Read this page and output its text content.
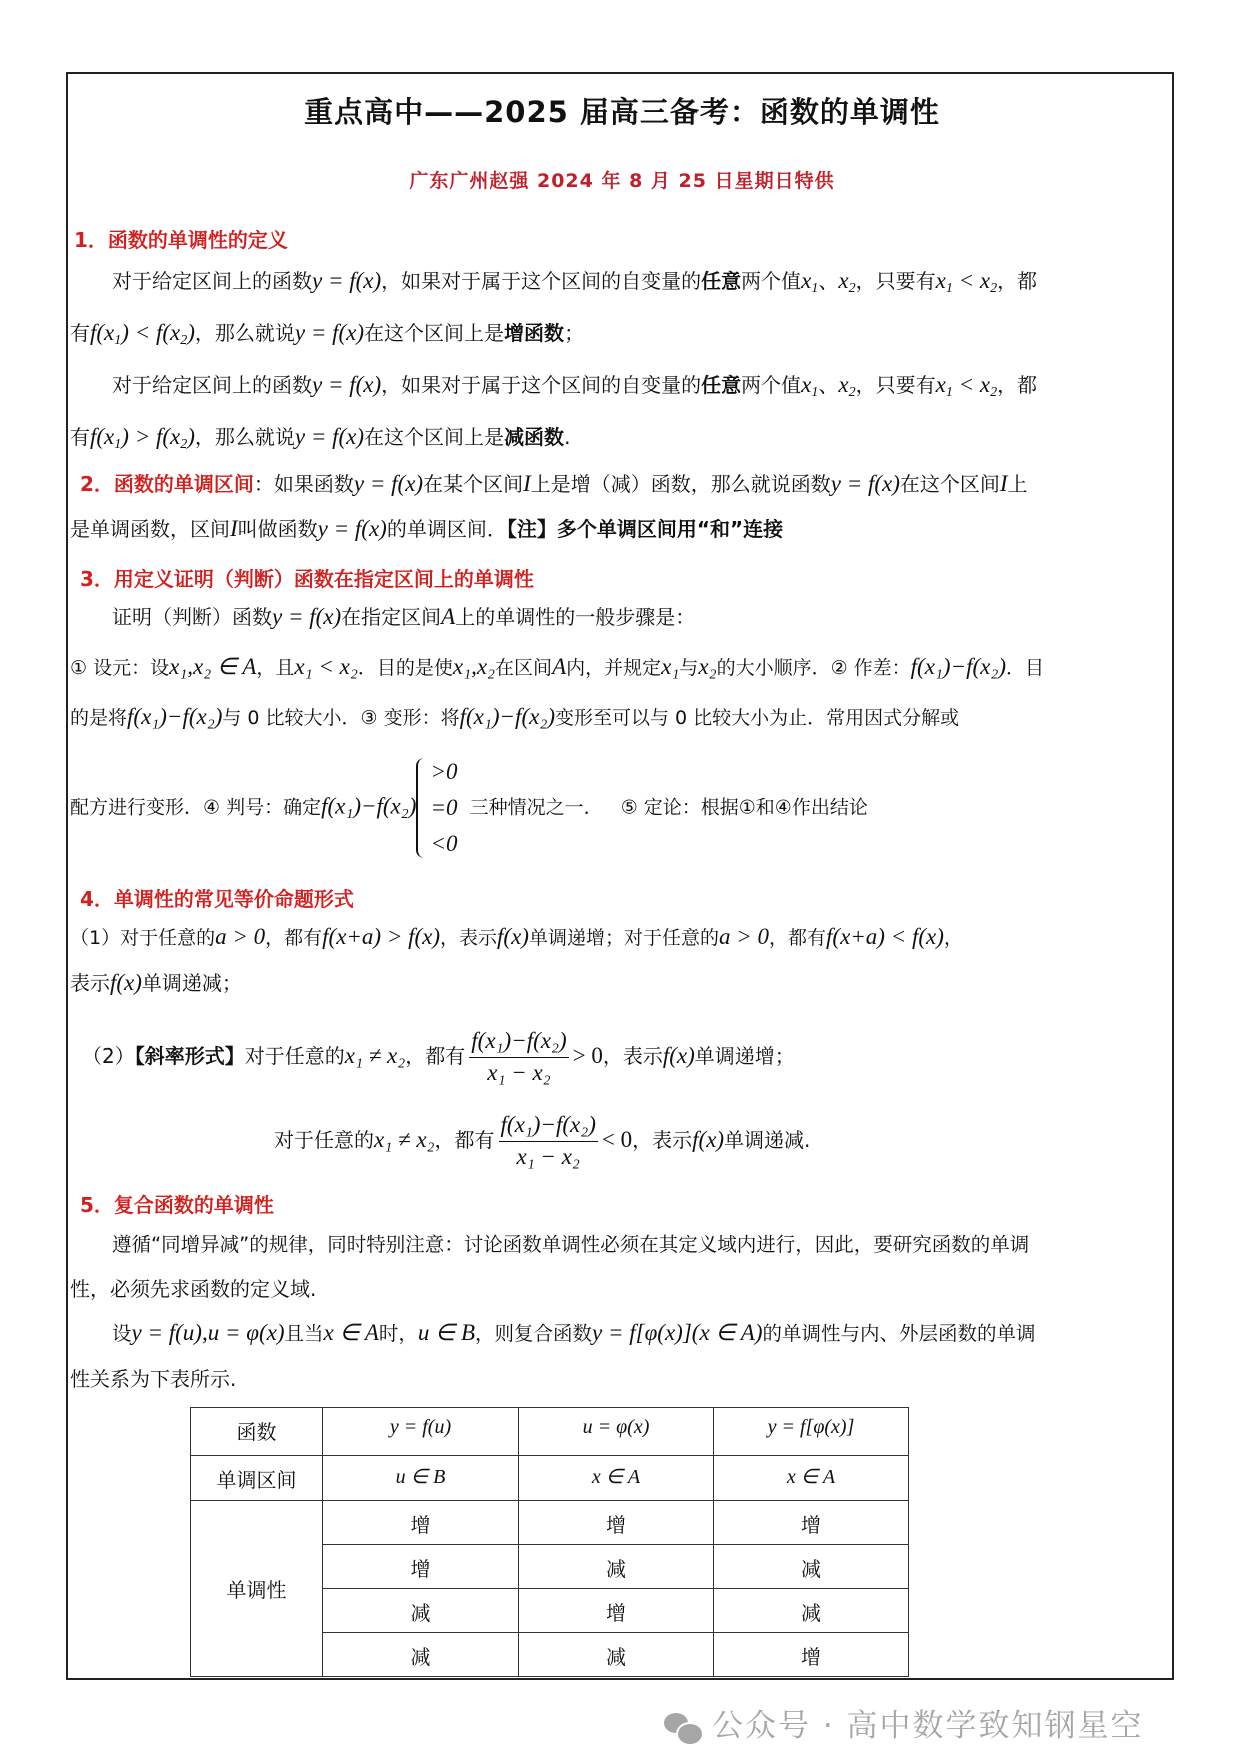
重点高中——2025 届高三备考：函数的单调性
广东广州赵强 2024 年 8 月 25 日星期日特供
1．函数的单调性的定义
对于给定区间上的函数y = f(x)，如果对于属于这个区间的自变量的任意两个值$x_1$、$x_2$，只要有$x_1 < x_2$，都
有$f(x_1) < f(x_2)$，那么就说y = f(x)在这个区间上是增函数；
对于给定区间上的函数y = f(x)，如果对于属于这个区间的自变量的任意两个值$x_1$、$x_2$，只要有$x_1 < x_2$，都
有$f(x_1) > f(x_2)$，那么就说y = f(x)在这个区间上是减函数.
2．函数的单调区间：如果函数y = f(x)在某个区间I上是增（减）函数，那么就说函数y = f(x)在这个区间I上
是单调函数，区间I叫做函数y = f(x)的单调区间．【注】多个单调区间用“和”连接
3．用定义证明（判断）函数在指定区间上的单调性
证明（判断）函数y = f(x)在指定区间A上的单调性的一般步骤是：
① 设元：设x₁,x₂ ∈ A，且x₁ < x₂．目的是使x₁,x₂在区间A内，并规定x₁与x₂的大小顺序．② 作差：f(x₁)−f(x₂)．目
的是将f(x₁)−f(x₂)与 0 比较大小．③ 变形：将f(x₁)−f(x₂)变形至可以与 0 比较大小为止．常用因式分解或
配方进行变形．④ 判号：确定f(x₁)−f(x₂)
>0
=0
<0
三种情况之一． ⑤ 定论：根据①和④作出结论
4．单调性的常见等价命题形式
（1）对于任意的a > 0，都有f(x+a) > f(x)，表示f(x)单调递增；对于任意的a > 0，都有f(x+a) < f(x)，
表示f(x)单调递减；
（2）【斜率形式】对于任意的x₁ ≠ x₂，都有 $\frac{\text{f(x₁)−f(x₂)}}{\text{x₁ − x₂}} > 0$，表示f(x)单调递增；
对于任意的x₁ ≠ x₂，都有 $\frac{\text{f(x₁)−f(x₂)}}{\text{x₁ − x₂}} < 0$，表示f(x)单调递减.
5．复合函数的单调性
遵循“同增异减”的规律，同时特别注意：讨论函数单调性必须在其定义域内进行，因此，要研究函数的单调
性，必须先求函数的定义域.
设y = f(u),u = φ(x)且当x ∈ A时，u ∈ B，则复合函数y = f[φ(x)](x ∈ A)的单调性与内、外层函数的单调
性关系为下表所示.
函数	y = f(u)	u = φ(x)	y = f[φ(x)]
单调区间	u ∈ B	x ∈ A	x ∈ A
单调性	增	增	增
	增	减	减
	减	增	减
	减	减	增
公众号 · 高中数学致知钢星空
